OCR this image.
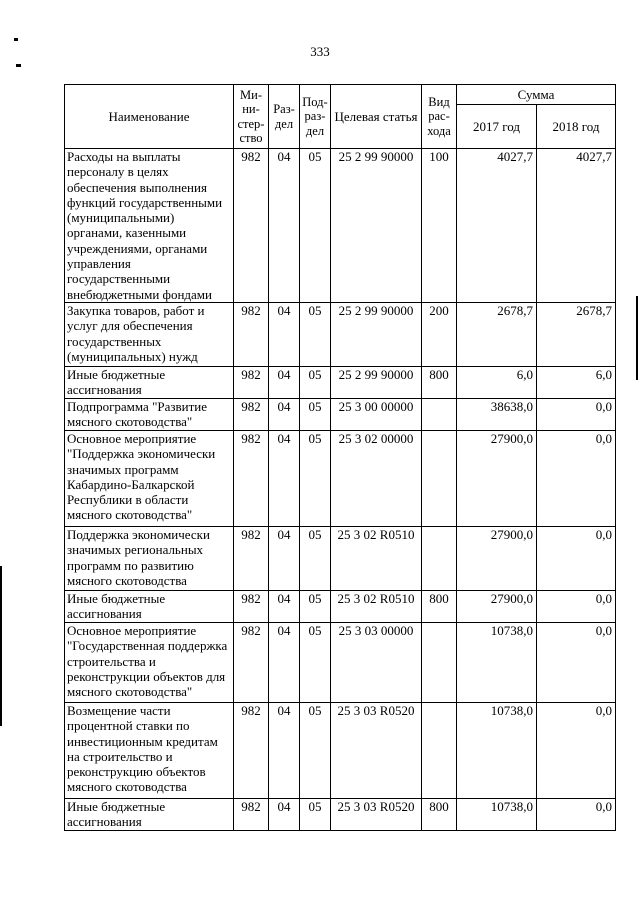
333
Наименование	Ми-ни-стер-ство	Раз-дел	Под-раз-дел	Целевая статья	Вид рас-хода	Сумма	
						2017 год	2018 год
Расходы на выплаты персоналу в целях обеспечения выполнения функций государственными (муниципальными) органами, казенными учреждениями, органами управления государственными внебюджетными фондами	982	04	05	25 2 99 90000	100	4027,7	4027,7
Закупка товаров, работ и услуг для обеспечения государственных (муниципальных) нужд	982	04	05	25 2 99 90000	200	2678,7	2678,7
Иные бюджетные ассигнования	982	04	05	25 2 99 90000	800	6,0	6,0
Подпрограмма "Развитие мясного скотоводства"	982	04	05	25 3 00 00000		38638,0	0,0
Основное мероприятие "Поддержка экономически значимых программ Кабардино-Балкарской Республики в области мясного скотоводства"	982	04	05	25 3 02 00000		27900,0	0,0
Поддержка экономически значимых региональных программ по развитию мясного скотоводства	982	04	05	25 3 02 R0510		27900,0	0,0
Иные бюджетные ассигнования	982	04	05	25 3 02 R0510	800	27900,0	0,0
Основное мероприятие "Государственная поддержка строительства и реконструкции объектов для мясного скотоводства"	982	04	05	25 3 03 00000		10738,0	0,0
Возмещение части процентной ставки по инвестиционным кредитам на строительство и реконструкцию объектов мясного скотоводства	982	04	05	25 3 03 R0520		10738,0	0,0
Иные бюджетные ассигнования	982	04	05	25 3 03 R0520	800	10738,0	0,0
